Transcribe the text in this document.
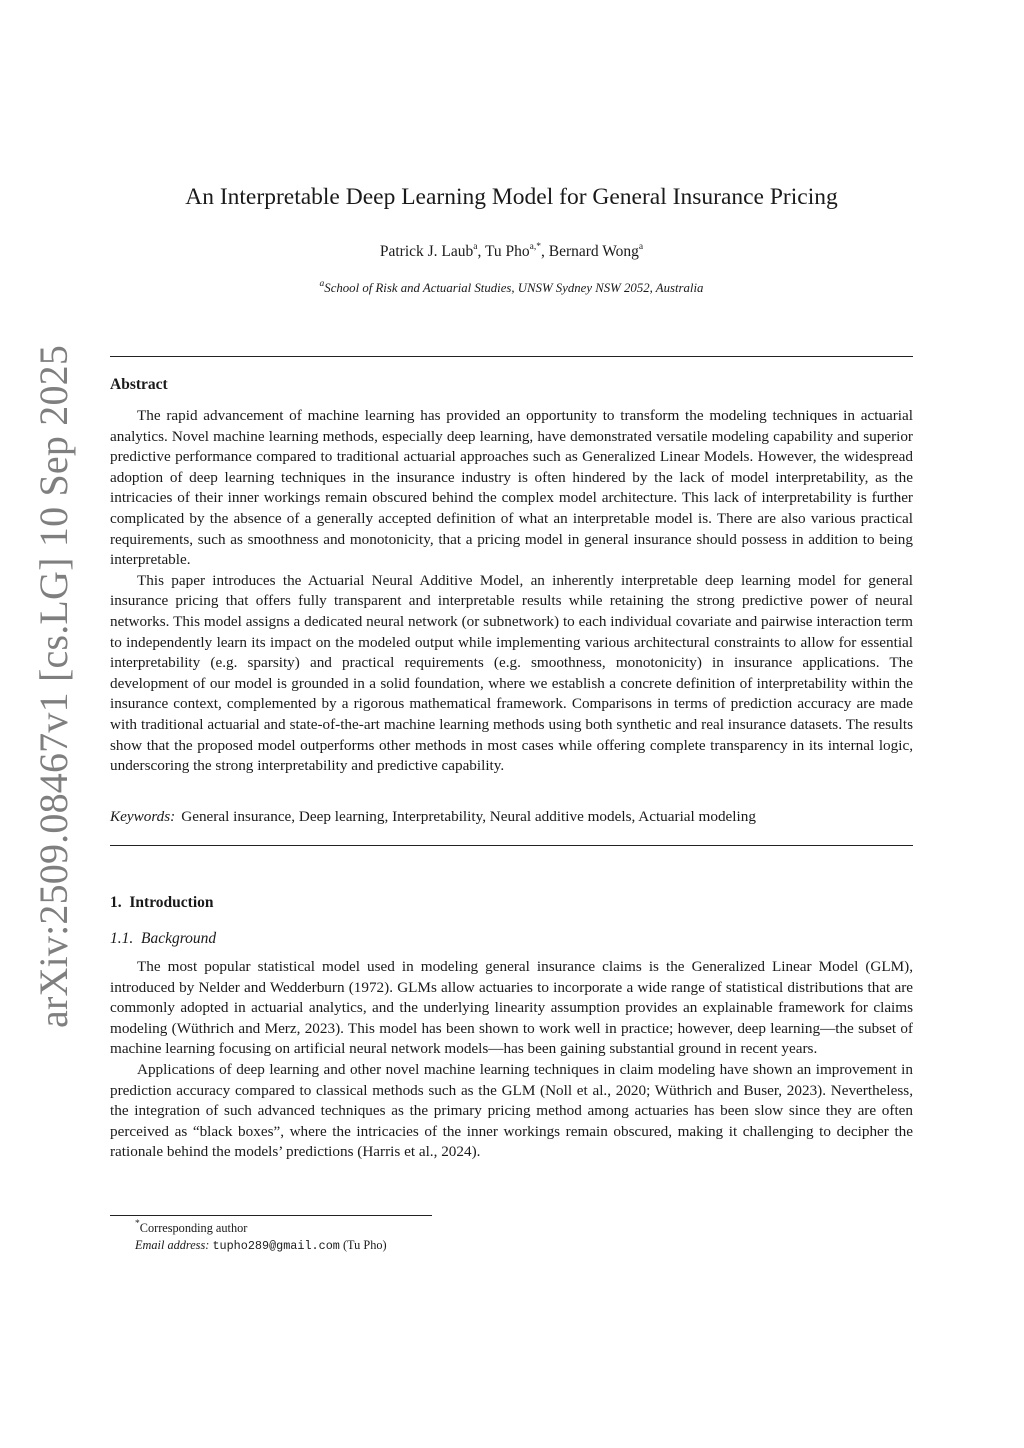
arXiv:2509.08467v1 [cs.LG] 10 Sep 2025
An Interpretable Deep Learning Model for General Insurance Pricing
Patrick J. Laub$^a$, Tu Pho$^{a,*}$, Bernard Wong$^a$
$^a$School of Risk and Actuarial Studies, UNSW Sydney NSW 2052, Australia
Abstract

The rapid advancement of machine learning has provided an opportunity to transform the modeling techniques in actuarial analytics. Novel machine learning methods, especially deep learning, have demonstrated versatile modeling capability and superior predictive performance compared to traditional actuarial approaches such as Generalized Linear Models. However, the widespread adoption of deep learning techniques in the insurance industry is often hindered by the lack of model interpretability, as the intricacies of their inner workings remain obscured behind the complex model architecture. This lack of interpretability is further complicated by the absence of a generally accepted definition of what an interpretable model is. There are also various practical requirements, such as smoothness and monotonicity, that a pricing model in general insurance should possess in addition to being interpretable.

This paper introduces the Actuarial Neural Additive Model, an inherently interpretable deep learning model for general insurance pricing that offers fully transparent and interpretable results while retaining the strong predictive power of neural networks. This model assigns a dedicated neural network (or subnetwork) to each individual covariate and pairwise interaction term to independently learn its impact on the modeled output while implementing various architectural constraints to allow for essential interpretability (e.g. sparsity) and practical requirements (e.g. smoothness, monotonicity) in insurance applications. The development of our model is grounded in a solid foundation, where we establish a concrete definition of interpretability within the insurance context, complemented by a rigorous mathematical framework. Comparisons in terms of prediction accuracy are made with traditional actuarial and state-of-the-art machine learning methods using both synthetic and real insurance datasets. The results show that the proposed model outperforms other methods in most cases while offering complete transparency in its internal logic, underscoring the strong interpretability and predictive capability.

Keywords: General insurance, Deep learning, Interpretability, Neural additive models, Actuarial modeling
1.  Introduction
1.1.  Background

The most popular statistical model used in modeling general insurance claims is the Generalized Linear Model (GLM), introduced by Nelder and Wedderburn (1972). GLMs allow actuaries to incorporate a wide range of statistical distributions that are commonly adopted in actuarial analytics, and the underlying linearity assumption provides an explainable framework for claims modeling (Wüthrich and Merz, 2023). This model has been shown to work well in practice; however, deep learning—the subset of machine learning focusing on artificial neural network models—has been gaining substantial ground in recent years.

Applications of deep learning and other novel machine learning techniques in claim modeling have shown an improvement in prediction accuracy compared to classical methods such as the GLM (Noll et al., 2020; Wüthrich and Buser, 2023). Nevertheless, the integration of such advanced techniques as the primary pricing method among actuaries has been slow since they are often perceived as “black boxes”, where the intricacies of the inner workings remain obscured, making it challenging to decipher the rationale behind the models’ predictions (Harris et al., 2024).

*Corresponding author
Email address: tupho289@gmail.com (Tu Pho)
